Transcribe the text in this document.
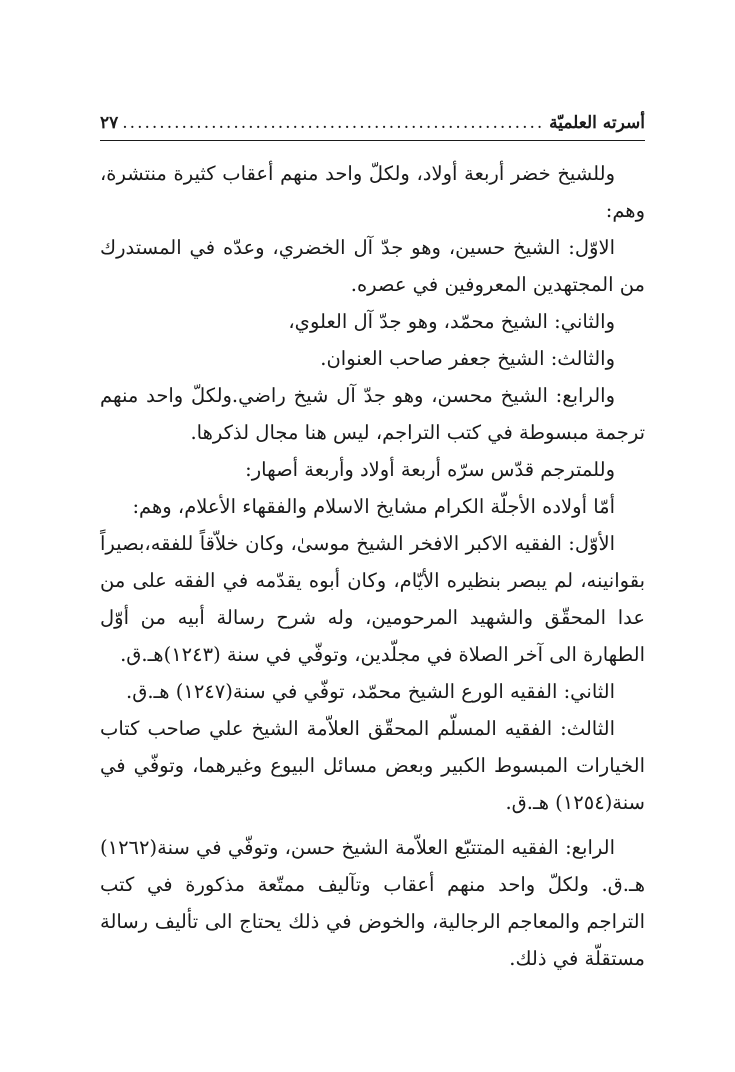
أسرته العلميّة
.....
٢٧

وللشيخ خضر أربعة أولاد، ولكلّ واحد منهم أعقاب كثيرة منتشرة، وهم:

الاوّل: الشيخ حسين، وهو جدّ آل الخضري، وعدّه في المستدرك من المجتهدين المعروفين في عصره.

والثاني: الشيخ محمّد، وهو جدّ آل العلوي،

والثالث: الشيخ جعفر صاحب العنوان.

والرابع: الشيخ محسن، وهو جدّ آل شيخ راضي.ولكلّ واحد منهم ترجمة مبسوطة في كتب التراجم، ليس هنا مجال لذكرها.

وللمترجم قدّس سرّه أربعة أولاد وأربعة أصهار:

أمّا أولاده الأجلّة الكرام مشايخ الاسلام والفقهاء الأعلام، وهم:

الأوّل: الفقيه الاكبر الافخر الشيخ موسىٰ، وكان خلاّقاً للفقه،بصيراً بقوانينه، لم يبصر بنظيره الأيّام، وكان أبوه يقدّمه في الفقه على من عدا المحقّق والشهيد المرحومين، وله شرح رسالة أبيه من أوّل الطهارة الى آخر الصلاة في مجلّدين، وتوفّي في سنة (١٢٤٣)هـ.ق.

الثاني: الفقيه الورع الشيخ محمّد، توفّي في سنة(١٢٤٧) هـ.ق.

الثالث: الفقيه المسلّم المحقّق العلاّمة الشيخ علي صاحب كتاب الخيارات المبسوط الكبير وبعض مسائل البيوع وغيرهما، وتوفّي في سنة(١٢٥٤) هـ.ق.

الرابع: الفقيه المتتبّع العلاّمة الشيخ حسن، وتوفّي في سنة(١٢٦٢) هـ.ق. ولكلّ واحد منهم أعقاب وتآليف ممتّعة مذكورة في كتب التراجم والمعاجم الرجالية، والخوض في ذلك يحتاج الى تأليف رسالة مستقلّة في ذلك.
